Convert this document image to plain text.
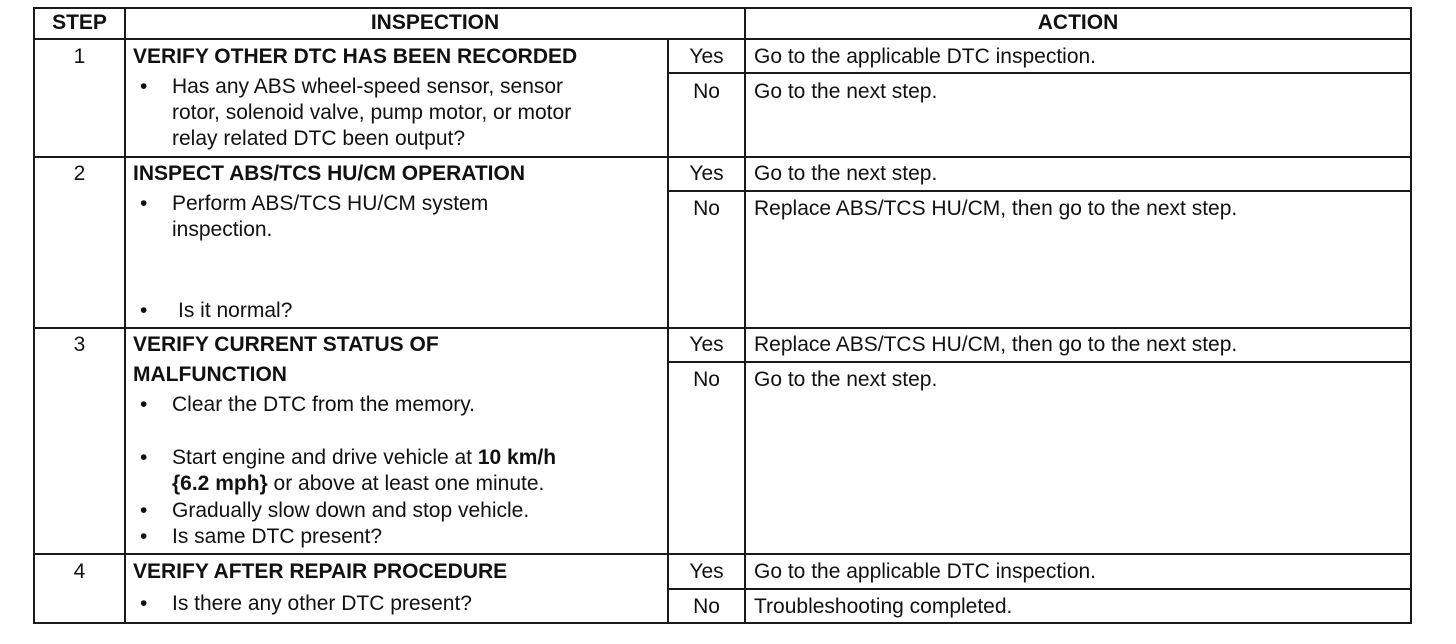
STEP	INSPECTION	ACTION
1	VERIFY OTHER DTC HAS BEEN RECORDED
• Has any ABS wheel-speed sensor, sensor
rotor, solenoid valve, pump motor, or motor
relay related DTC been output?
Yes	Go to the applicable DTC inspection.
No	Go to the next step.
2	INSPECT ABS/TCS HU/CM OPERATION
• Perform ABS/TCS HU/CM system
inspection.
• Is it normal?
Yes	Go to the next step.
No	Replace ABS/TCS HU/CM, then go to the next step.
3	VERIFY CURRENT STATUS OF
MALFUNCTION
• Clear the DTC from the memory.
• Start engine and drive vehicle at 10 km/h
{6.2 mph} or above at least one minute.
• Gradually slow down and stop vehicle.
• Is same DTC present?
Yes	Replace ABS/TCS HU/CM, then go to the next step.
No	Go to the next step.
4	VERIFY AFTER REPAIR PROCEDURE
• Is there any other DTC present?
Yes	Go to the applicable DTC inspection.
No	Troubleshooting completed.
